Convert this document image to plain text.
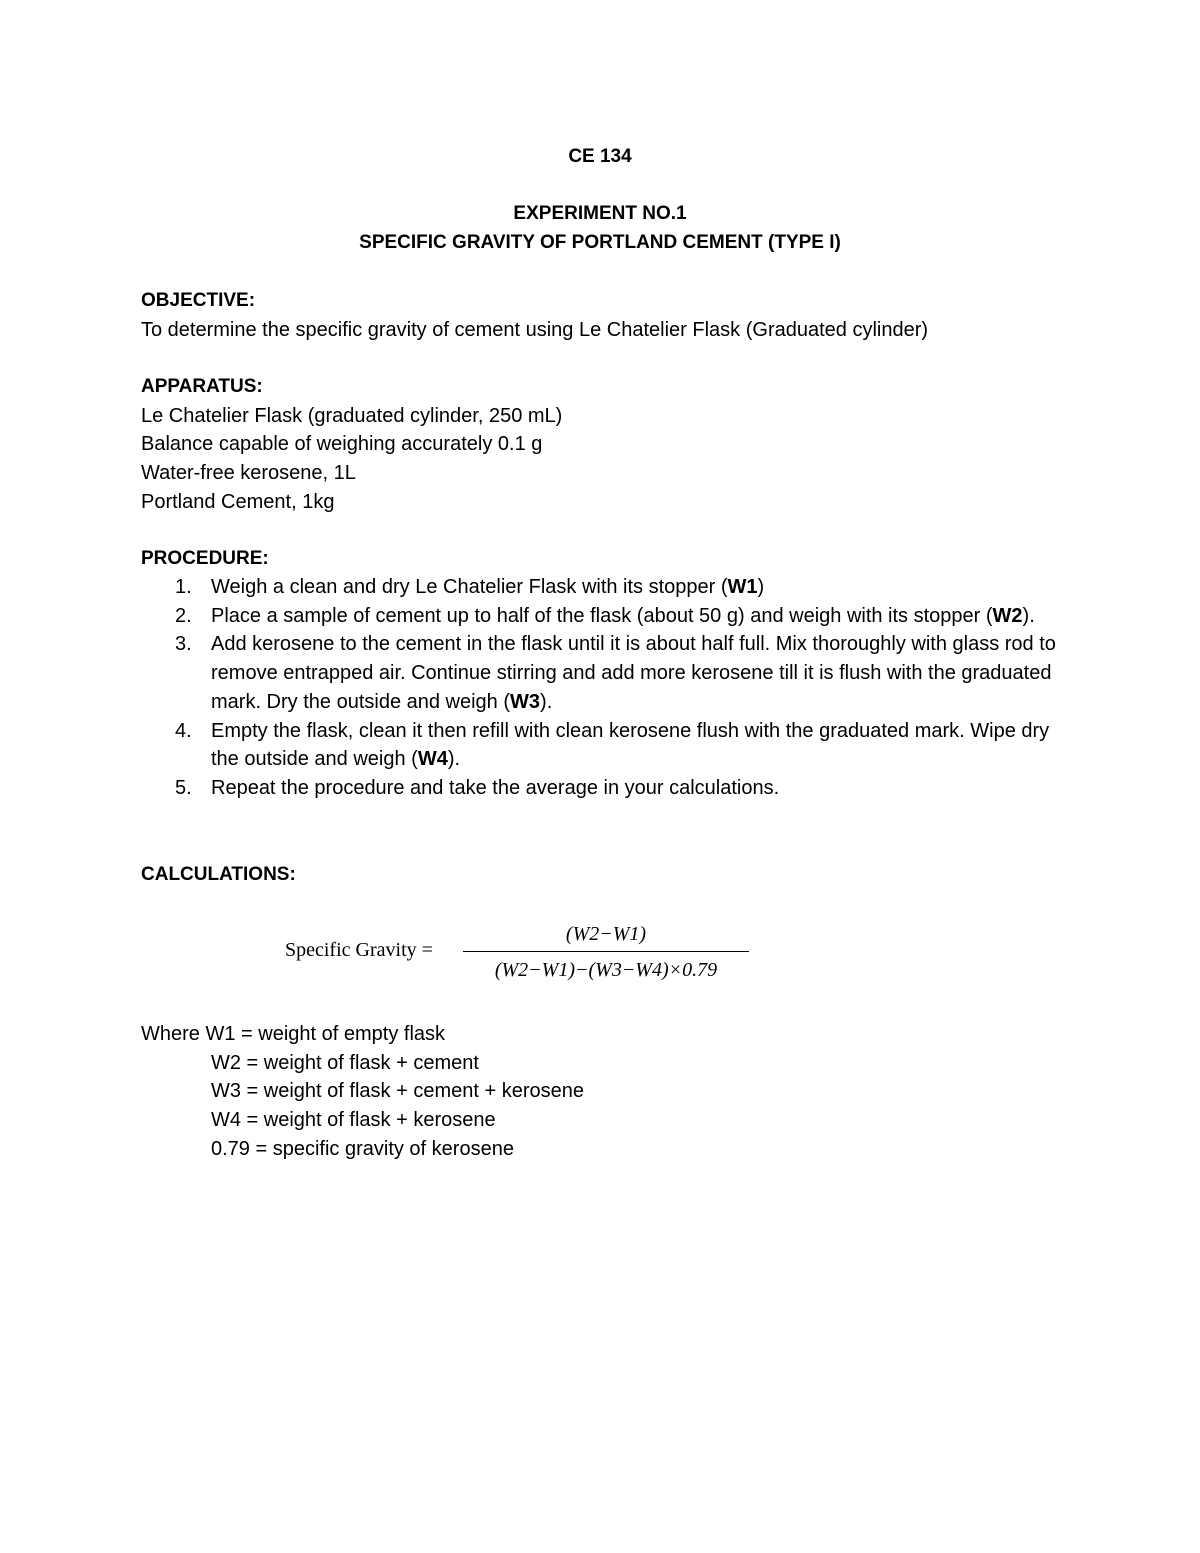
CE 134
EXPERIMENT NO.1
SPECIFIC GRAVITY OF PORTLAND CEMENT (TYPE I)
OBJECTIVE:
To determine the specific gravity of cement using Le Chatelier Flask (Graduated cylinder)
APPARATUS:
Le Chatelier Flask (graduated cylinder, 250 mL)
Balance capable of weighing accurately 0.1 g
Water-free kerosene, 1L
Portland Cement, 1kg
PROCEDURE:
1. Weigh a clean and dry Le Chatelier Flask with its stopper (W1)
2. Place a sample of cement up to half of the flask (about 50 g) and weigh with its stopper (W2).
3. Add kerosene to the cement in the flask until it is about half full. Mix thoroughly with glass rod to remove entrapped air. Continue stirring and add more kerosene till it is flush with the graduated mark. Dry the outside and weigh (W3).
4. Empty the flask, clean it then refill with clean kerosene flush with the graduated mark. Wipe dry the outside and weigh (W4).
5. Repeat the procedure and take the average in your calculations.
CALCULATIONS:
Specific Gravity =
(W2−W1)
(W2−W1)−(W3−W4)×0.79
Where W1 = weight of empty flask
W2 = weight of flask + cement
W3 = weight of flask + cement + kerosene
W4 = weight of flask + kerosene
0.79 = specific gravity of kerosene
